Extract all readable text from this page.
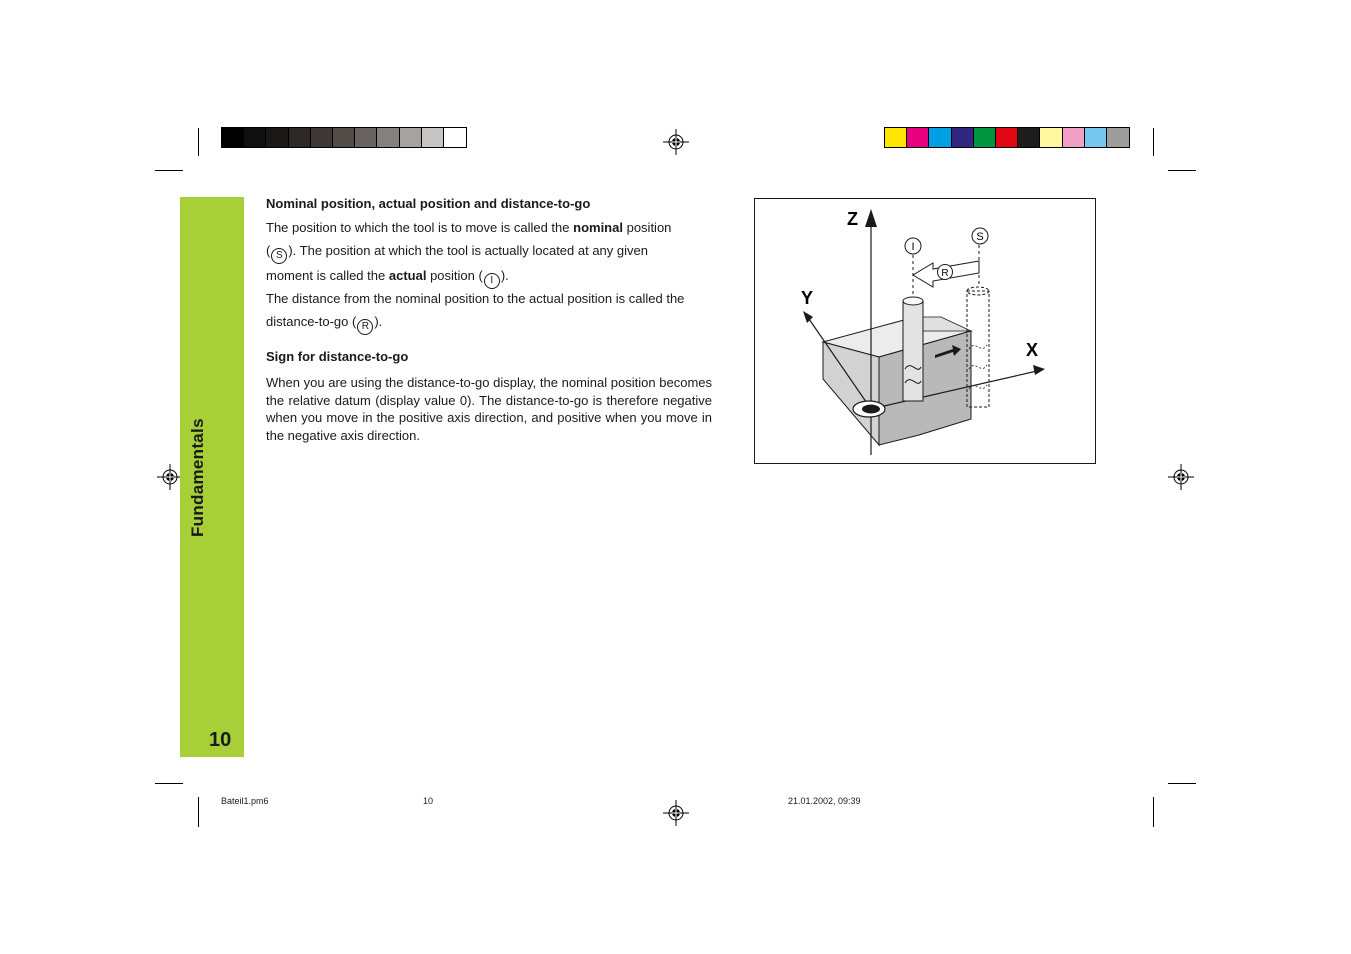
Fundamentals
10
Nominal position, actual position and distance-to-go
The position to which the tool is to move is called the nominal position
( S ). The position at which the tool is actually located at any given
moment is called the actual position ( I ).
The distance from the nominal position to the actual position is called the
distance-to-go ( R ).
Sign for distance-to-go
When you are using the distance-to-go display, the nominal position becomes the relative datum (display value 0). The distance-to-go is therefore negative when you move in the positive axis direction, and positive when you move in the negative axis direction.
I
S
R
Z
Y
X
Bateil1.pm6	10	21.01.2002, 09:39
